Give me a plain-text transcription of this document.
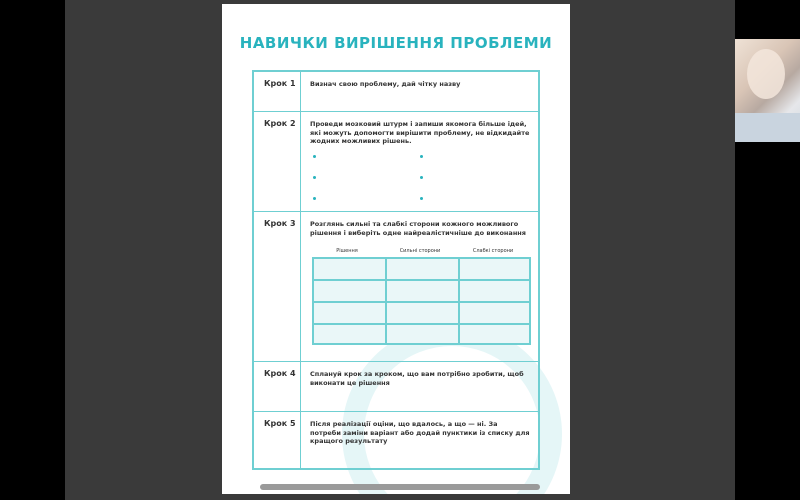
НАВИЧКИ ВИРІШЕННЯ ПРОБЛЕМИ
Крок 1 Визнач свою проблему, дай чітку назву
Крок 2 Проведи мозковий штурм і запиши якомога більше ідей, які можуть допомогти вирішити проблему, не відкидайте жодних можливих рішень.
Крок 3 Розглянь сильні та слабкі сторони кожного можливого рішення і виберіть одне найреалістичніше до виконання
Рішення	Сильні сторони	Слабкі сторони
Крок 4 Сплануй крок за кроком, що вам потрібно зробити, щоб виконати це рішення
Крок 5 Після реалізації оціни, що вдалось, а що — ні. За потреби заміни варіант або додай пунктики із списку для кращого результату
